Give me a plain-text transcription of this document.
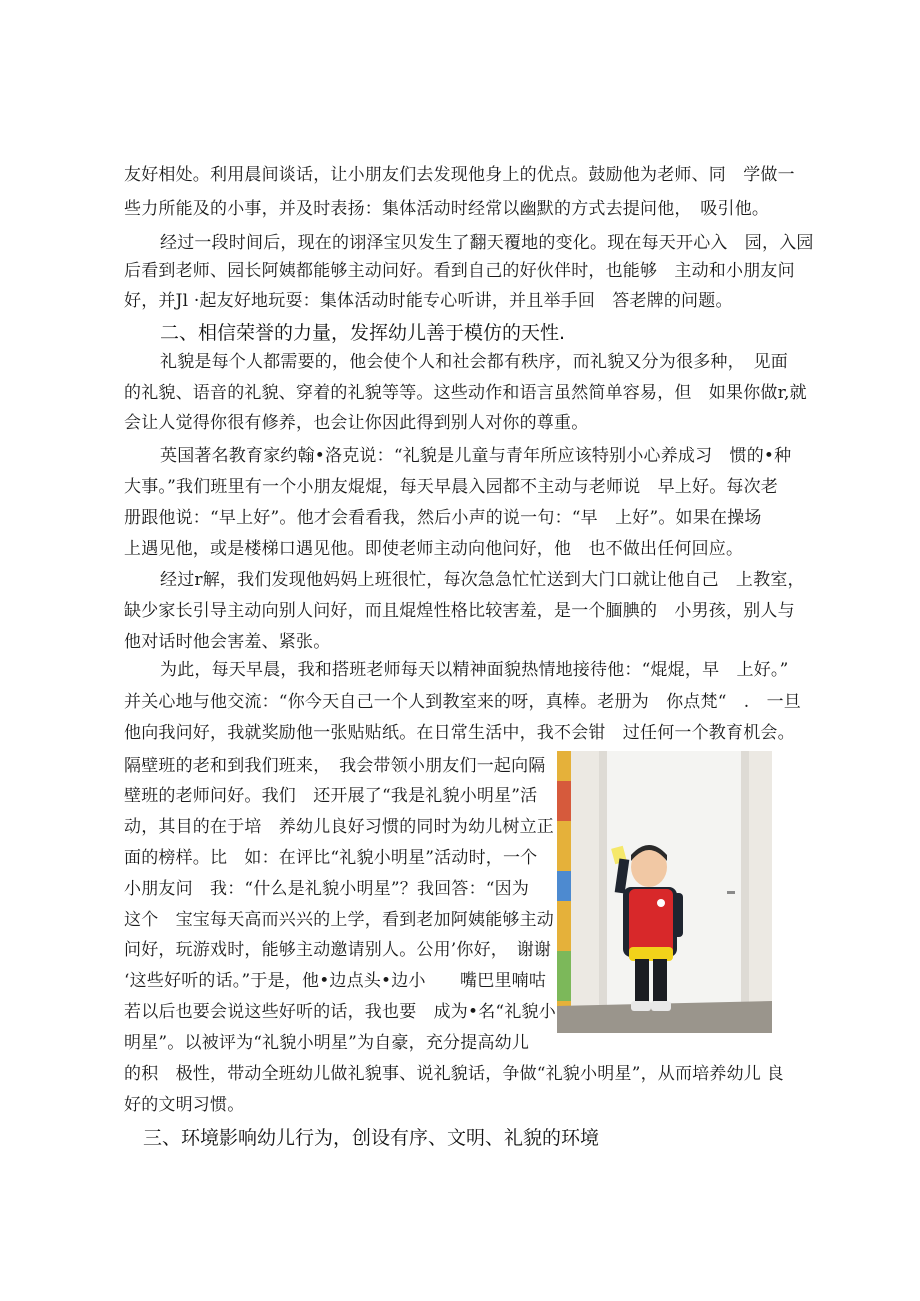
友好相处。利用晨间谈话，让小朋友们去发现他身上的优点。鼓励他为老师、同　学做一
些力所能及的小事，并及时表扬：集体活动时经常以幽默的方式去提问他，　吸引他。
经过一段时间后，现在的诩泽宝贝发生了翻天覆地的变化。现在每天开心入　园，入园
后看到老师、园长阿姨都能够主动问好。看到自己的好伙伴时，也能够　主动和小朋友问
好，并Jl ·起友好地玩耍：集体活动时能专心听讲，并且举手回　答老牌的问题。
二、相信荣誉的力量，发挥幼儿善于模仿的天性.
礼貌是每个人都需要的，他会使个人和社会都有秩序，而礼貌又分为很多种，　见面
的礼貌、语音的礼貌、穿着的礼貌等等。这些动作和语言虽然简单容易，但　如果你做r,就
会让人觉得你很有修养，也会让你因此得到别人对你的尊重。
英国著名教育家约翰•洛克说：“礼貌是儿童与青年所应该特别小心养成习　惯的•种
大事。”我们班里有一个小朋友焜焜，每天早晨入园都不主动与老师说　早上好。每次老
册跟他说：“早上好”。他才会看看我，然后小声的说一句：“早　上好”。如果在操场
上遇见他，或是楼梯口遇见他。即使老师主动向他问好，他　也不做出任何回应。
经过r解，我们发现他妈妈上班很忙，每次急急忙忙送到大门口就让他自己　上教室，
缺少家长引导主动向别人问好，而且焜煌性格比较害羞，是一个腼腆的　小男孩，别人与
他对话时他会害羞、紧张。
为此，每天早晨，我和搭班老师每天以精神面貌热情地接待他：“焜焜，早　上好。”
并关心地与他交流：“你今天自己一个人到教室来的呀，真棒。老册为　你点梵“　.　一旦
他向我问好，我就奖励他一张贴贴纸。在日常生活中，我不会钳　过任何一个教育机会。
隔壁班的老和到我们班来，　我会带领小朋友们一起向隔
壁班的老师问好。我们　还开展了“我是礼貌小明星”活
动，其目的在于培　养幼儿良好习惯的同时为幼儿树立正
面的榜样。比　如：在评比“礼貌小明星”活动时，一个
小朋友问　我：“什么是礼貌小明星”？我回答：“因为
这个　宝宝每天高而兴兴的上学，看到老加阿姨能够主动
问好，玩游戏时，能够主动邀请别人。公用’你好，　谢谢
‘这些好听的话。”于是，他•边点头•边小　　嘴巴里喃咕
若以后也要会说这些好听的话，我也要　成为•名“礼貌小
明星”。以被评为“礼貌小明星”为自豪，充分提高幼儿
的积　极性，带动全班幼儿做礼貌事、说礼貌话，争做“礼貌小明星”，从而培养幼儿 良
好的文明习惯。
三、环境影响幼儿行为，创设有序、文明、礼貌的环境
